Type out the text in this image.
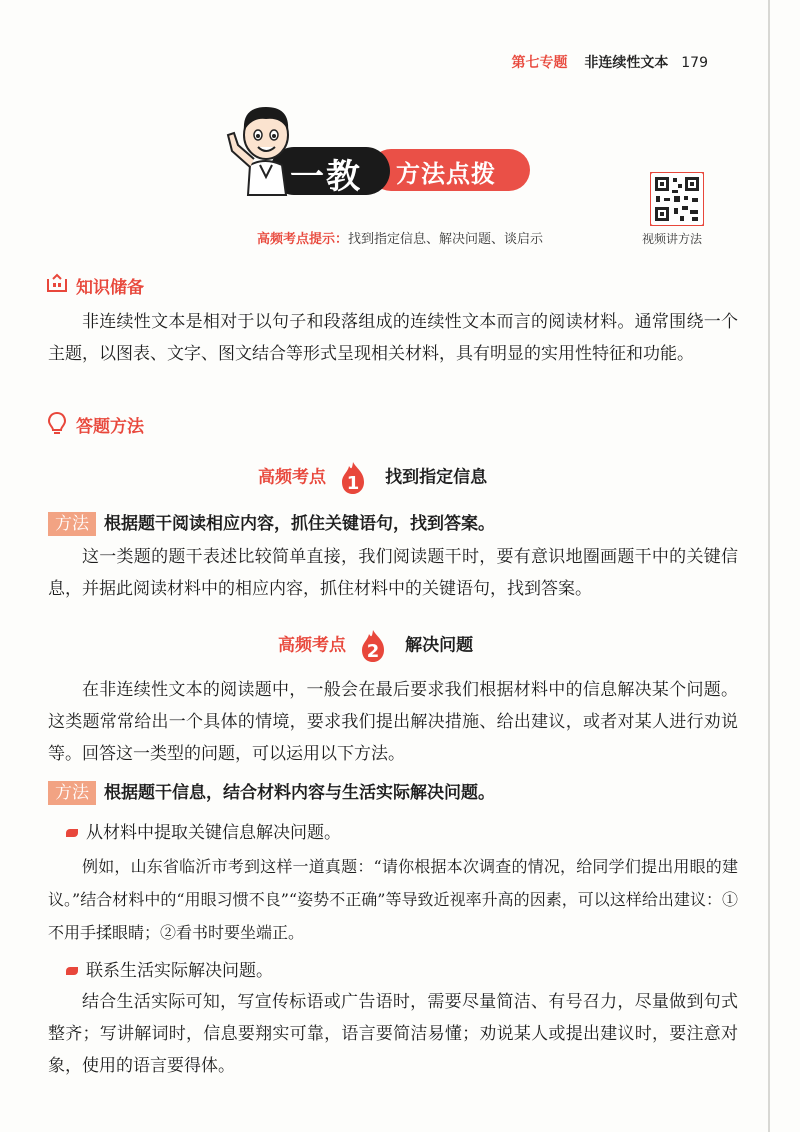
第七专题 非连续性文本 179
一教 方法点拨
视频讲方法
高频考点提示：找到指定信息、解决问题、谈启示
知识储备

非连续性文本是相对于以句子和段落组成的连续性文本而言的阅读材料。通常围绕一个主题，以图表、文字、图文结合等形式呈现相关材料，具有明显的实用性特征和功能。

答题方法
高频考点 1 找到指定信息
方法 根据题干阅读相应内容，抓住关键语句，找到答案。

这一类题的题干表述比较简单直接，我们阅读题干时，要有意识地圈画题干中的关键信息，并据此阅读材料中的相应内容，抓住材料中的关键语句，找到答案。

高频考点 2 解决问题

在非连续性文本的阅读题中，一般会在最后要求我们根据材料中的信息解决某个问题。这类题常常给出一个具体的情境，要求我们提出解决措施、给出建议，或者对某人进行劝说等。回答这一类型的问题，可以运用以下方法。

方法 根据题干信息，结合材料内容与生活实际解决问题。
从材料中提取关键信息解决问题。

例如，山东省临沂市考到这样一道真题：“请你根据本次调查的情况，给同学们提出用眼的建议。”结合材料中的“用眼习惯不良”“姿势不正确”等导致近视率升高的因素，可以这样给出建议：①不用手揉眼睛；②看书时要坐端正。

联系生活实际解决问题。

结合生活实际可知，写宣传标语或广告语时，需要尽量简洁、有号召力，尽量做到句式整齐；写讲解词时，信息要翔实可靠，语言要简洁易懂；劝说某人或提出建议时，要注意对象，使用的语言要得体。
